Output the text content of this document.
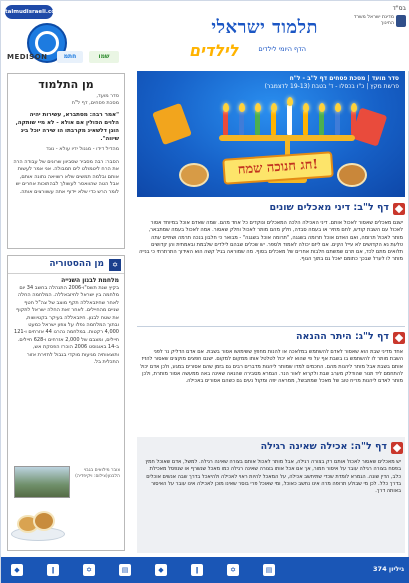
talmudisraeli.co.il	בס"ד
מדינת ישראל משרד החינוך
תלמוד ישראלי
לילדים	הדף היומי לילדים
MEDISON	חתמ	שמו
מן התלמוד
סדר מועד,
מסכת פסחים, דף ל"ח
"אמר רבה: מסתברא, עשירות יהיה הלוים הפולין אם אולא - לא מיי שותקה, הוגן דלשאינ מקרבתו הו שירה יוכל בינ שיווה".
מהדיל דידו - מגנול ידיו עולא - נוגד
הסבר: רבה מסביר שסביוון שרונים של עבודה הרה את הרח ליטמולט לים תמבולה. אני אמר לעשות אותם ובלמה תמשים שלא רשויאה נתונה אותם, אבל הטה שהוואסר לעשולך לבהתוכות אחרים יש לומר הרש כדי שלא יידוף אתה עשוורצים אותה.
✡
מן ההסטוריה
מלחמת לבנון השנייה
בקיץ שנת תשס"ו-2006 התנהלה בחשב 34 יום מלחמה בין ישראל לחיזבאללה. המלחמה החלה לאחר שחיזבאללה תקף מוצב של צה"ל חטף שניים מהחיילים. לאחר זאת החלה ישראל לתקוף את שטח לבנון. חיזבאללה בעיקר בקטיושות, ובתוך המלחמה נפלו על צפון ישראל כמעט 4,000 רקטות. במלחמה נהרגו 44 אזרחים ו-121 חיילים, ומצבם של 2,000 אזרחים ו-628 חיילים. ב-14 באוגוסט 2006 הוכרז הפסקת אש, ותוצאותיה מגיעות מוקדי בגבול לחזירת אזור התכלית בל.
צובר מילואים בגבוי הלבנון(צילום: ויקיפדיה)
סדר מועד | מסכת פסחים דף ל"ב - ל"ח
פרשת מקץ | כ"ו בכסלו - ד' בטבת (19-13 לדצמבר)
חג חנוכה שמח!
דף ל"ב: דיני מאכלים שונים
ישנם מאכלים שאסור לאכול אותם. דיני האכילה הלכה המאכלים ונוקדים כל אחד מהם. שמה שאדם אוכל במיוחד אסור לאכול עם השבת קודש, לחם מתיר או בעמה סבדה, חלק מהם מותר לאכול וחלק שאסור. אמה לאכול בעמה שמתבאר, מותר לאכול תרומה, ואם האדם אוכל תרומה בשגגה, "תרומה אוכל בשגגה" - מבואר כי חלבון בנכה תרמה ושתיים עתה טלעת נא הקדושים לא עייל הקים. אם ליזם יכולה לאמוד ולספר. יש שכלים שבהם לילדים שלבמת ובאמתית והן קדושים תלואים מתם לכד, אם תרם שמשתם חלבות אחרים של מאכלים בסוף. מה שמוראה בגיל קשה הוא האידוך התרתרתי כי בנייה מותר לו לערל שבכך כתומם יאכל גם בתוך הגוף.
דף ל"ג: היתר ההנאה
אחד מדיני שבת הוא שאסור לאדם להשתמש במלאכה או להנות מחפץ ששימושו אסור בשבת. אם אדם הדליק נר לפני השבת מותר לו להשתמש בו בשבת אף על פי שהוא לא יכול לטלטל אותו ממקום למקום. ישנם חפצים מוקצים שאסור להזיז אותם בשבת אבל מותר ליהנות מהם. החכמים למדו שמותר ליהנות מדברים רבים גם בזמן שהם אסורים במגע, ולכן אדם יכול להתחמם ליד תנור שהודלק מערב שבת ולקרוא לאור הנר. הגמרא מסבירה שהנאה שאינה באה ממעשה אסור מותרת, ולכן מותר לאדם ליהנות מריח טוב של מאכל שמתבשל, ממראה יפה ומקול נעים גם כשהם אסורים באכילה.
דף ל"ה: אכילה שאינה רגילה
יש מאכלים שאסור לאכול אותם רק בצורה רגילה, אבל מותר לאכול אותם בצורה שאינה רגילה. למשל, אדם שאוכל חמץ בפסח בצורה רגילה עובר על איסור חמור, אך אם אכל אותו בצורה שאינה רגילה כמו מאכל שנשרף או שנפסל מאכילת כלב, הדין שונה. הגמרא לומדת שכדי שתיחשב אכילה, על המאכל להיות ראוי לאכילה ולהיאכל בדרך שבה אנשים אוכלים בדרך כלל. לכן מי שבולע תרופה מרה אינו נחשב כאוכל, ומי שאוכל פרי בוסר שאינו מוכן לאכילה אינו עובר על האיסור באותה דרך.
◆	ǀ	✡	▤	◆	ǀ	✡	▤	גיליון 374
